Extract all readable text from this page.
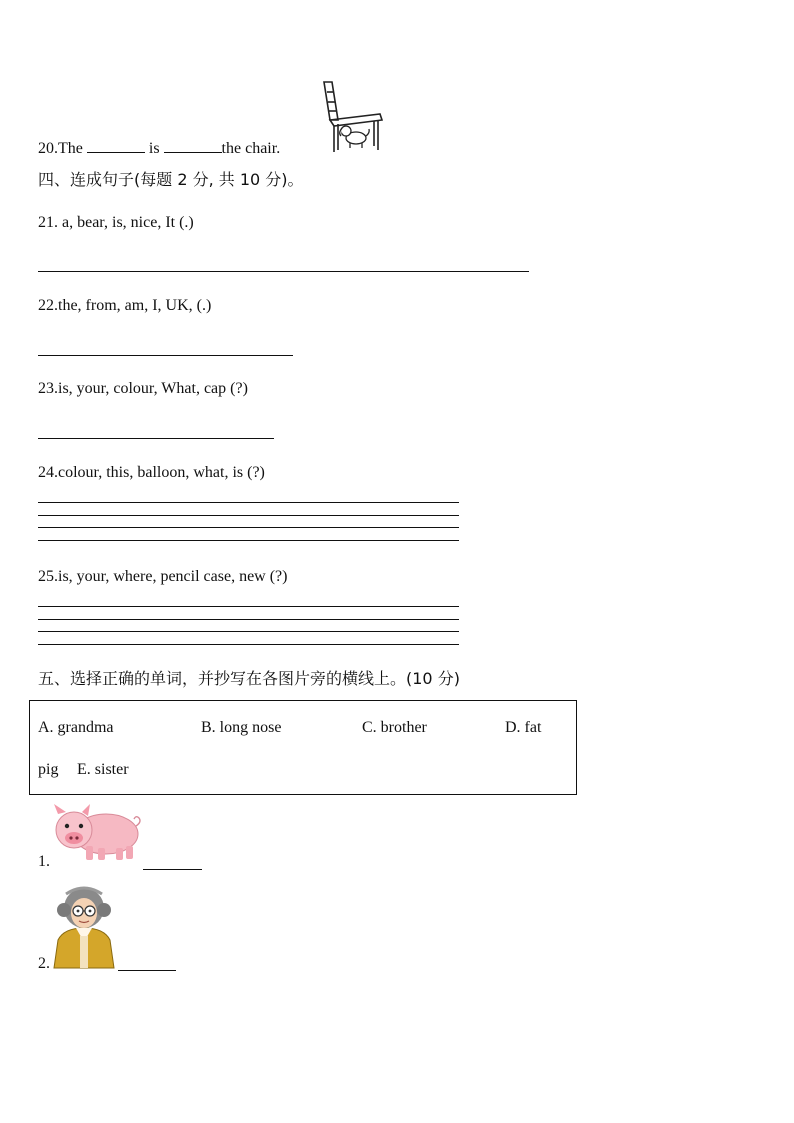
20.The	is	the chair.
四、连成句子(每题 2 分, 共 10 分)。
21. a, bear, is, nice, It (.)
22.the, from, am, I, UK, (.)
23.is, your, colour, What, cap (?)
24.colour, this, balloon, what, is (?)
25.is, your, where, pencil case, new (?)
五、选择正确的单词，并抄写在各图片旁的横线上。(10 分)
A. grandma	B. long nose	C. brother	D. fat
pig E. sister
1.
2.
